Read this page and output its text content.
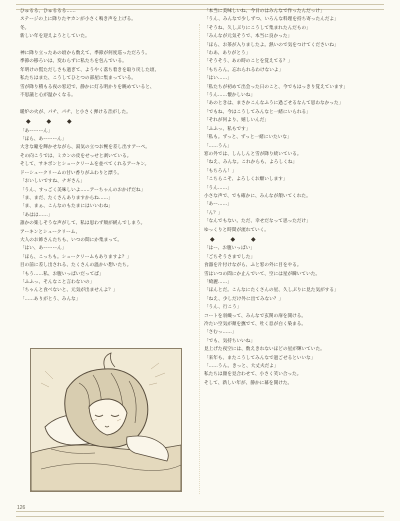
ひゅるる、ひゅるるる……

ステージの上に降りたヤカンが小さく鳴き声を上げる。

冬。

新しい年を迎えようとしていた。

神に降り立ったあの頃から数えて、季節が何度巡っただろう。

季節の移ろいは、変わらずに私たちを包んでいる。

年明けの慌ただしさも過ぎて、ようやく落ち着きを取り戻した頃、

私たちはまた、こうしてひとつの部屋に集まっている。

雪が降り積もる夜の窓辺で、静かに灯る明かりを眺めていると、

不思議と心が温かくなる。

暖炉の火が、パチ、パチ、と小さく弾ける音がした。

◆ ◆ ◆

「あーーーん」

「ほら、あーーーん」

大きな瞳を輝かせながら、湯気の立つお椀を差し出すアーペ。

その向こうでは、ミカンの皮をせっせと剥いている。

そして、サキボンとシュークリームを並べてくれるアーキン。

ドーシュークリームの甘い香りがふわりと漂う。

「おいしいですね、ナギさん」

「うん、すっごく美味しいよ……アーちゃんのおかげだね」

「ま、まだ、たくさんありますからね……」

「ま、まぁ、こんなのもたまにはいいわね」

「あはは……」

誰かの楽しそうな声がして、私は思わず頬が緩んでしまう。

アーキンとシュークリーム、

大人のお姉さんたちも、いつの間にか集まって。

「はい、あーーーん」

「ほら、こっちも。シュークリームもありますよ？」

目の前に差し出される、たくさんの温かい想いたち。

「もう……私、お腹いっぱいだってば」

「ふふっ、そんなこと言わないの」

「ちゃんと食べないと、元気が出ませんよ？」

「……ありがとう、みんな」

「本当に美味しいね、今日のはみんなで作ったんだっけ」

「うん、みんなで少しずつ、いろんな料理を持ち寄ったんだよ」

「そうね、久しぶりにこうして集まれたんだもの」

「みんなが元気そうで、本当に良かった」

「ほら、お茶が入りましたよ。熱いので気をつけてくださいね」

「わあ、ありがとう」

「そうそう、あの時のことを覚えてる？」

「もちろん。忘れられるわけないよ」

「はい……」

「私たちが初めて出会った日のこと、今でもはっきり覚えています」

「うん……懐かしいね」

「あのときは、まさかこんなふうに過ごせるなんて思わなかった」

「でもね、今はこうしてみんなと一緒にいられる」

「それが何より、嬉しいんだ」

「ふふっ、私もです」

「私も。ずっと、ずっと一緒にいたいな」

「……うん」

窓の外では、しんしんと雪が降り続いている。

「ねえ、みんな。これからも、よろしくね」

「もちろん！」

「こちらこそ、よろしくお願いします」

「うん……」

小さな声で、でも確かに、みんなが頷いてくれた。

「あー……」

「ん？」

「なんでもない。ただ、幸せだなって思っただけ」

ゆっくりと時間が流れていく。

◆ ◆ ◆

「はー、お腹いっぱい」

「ごちそうさまでした」

食器を片付けながら、ふと窓の外に目をやる。

雪はいつの間にか止んでいて、空には星が瞬いていた。

「綺麗……」

「ほんとだ。こんなにたくさんの星、久しぶりに見た気がする」

「ねえ、少しだけ外に出てみない？」

「うん、行こう」

コートを羽織って、みんなで玄関の扉を開ける。

冷たい空気が頬を撫でて、吐く息が白く染まる。

「さむっ……」

「でも、気持ちいいね」

見上げた夜空には、数えきれないほどの星が輝いていた。

「来年も、またこうしてみんなで過ごせるといいな」

「……うん。きっと、大丈夫だよ」

私たちは顔を見合わせて、小さく笑い合った。

そして、新しい年が、静かに幕を開けた。

126
